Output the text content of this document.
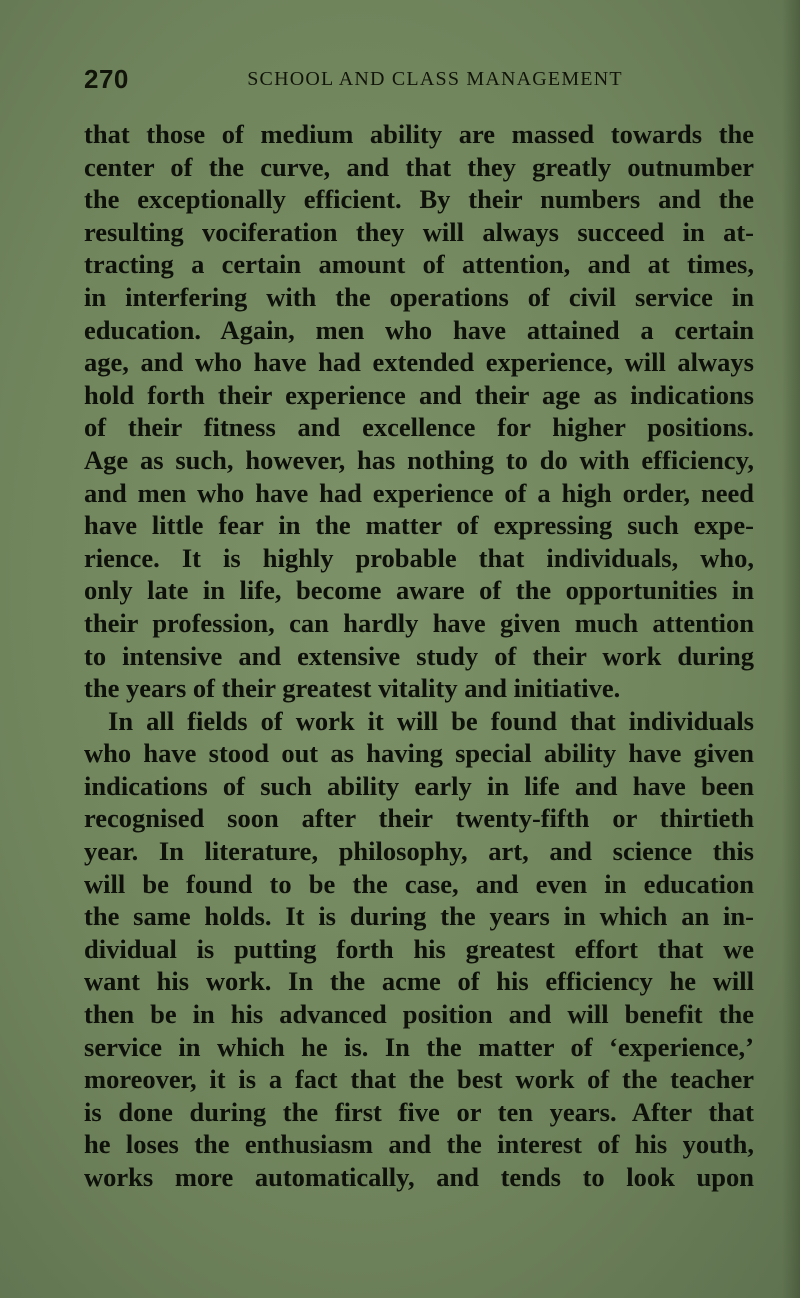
270	SCHOOL AND CLASS MANAGEMENT
that those of medium ability are massed towards the
center of the curve, and that they greatly outnumber
the exceptionally efficient. By their numbers and the
resulting vociferation they will always succeed in at-
tracting a certain amount of attention, and at times,
in interfering with the operations of civil service in
education. Again, men who have attained a certain
age, and who have had extended experience, will always
hold forth their experience and their age as indications
of their fitness and excellence for higher positions.
Age as such, however, has nothing to do with efficiency,
and men who have had experience of a high order, need
have little fear in the matter of expressing such expe-
rience. It is highly probable that individuals, who,
only late in life, become aware of the opportunities in
their profession, can hardly have given much attention
to intensive and extensive study of their work during
the years of their greatest vitality and initiative.
In all fields of work it will be found that individuals
who have stood out as having special ability have given
indications of such ability early in life and have been
recognised soon after their twenty-fifth or thirtieth
year. In literature, philosophy, art, and science this
will be found to be the case, and even in education
the same holds. It is during the years in which an in-
dividual is putting forth his greatest effort that we
want his work. In the acme of his efficiency he will
then be in his advanced position and will benefit the
service in which he is. In the matter of ‘experience,’
moreover, it is a fact that the best work of the teacher
is done during the first five or ten years. After that
he loses the enthusiasm and the interest of his youth,
works more automatically, and tends to look upon
